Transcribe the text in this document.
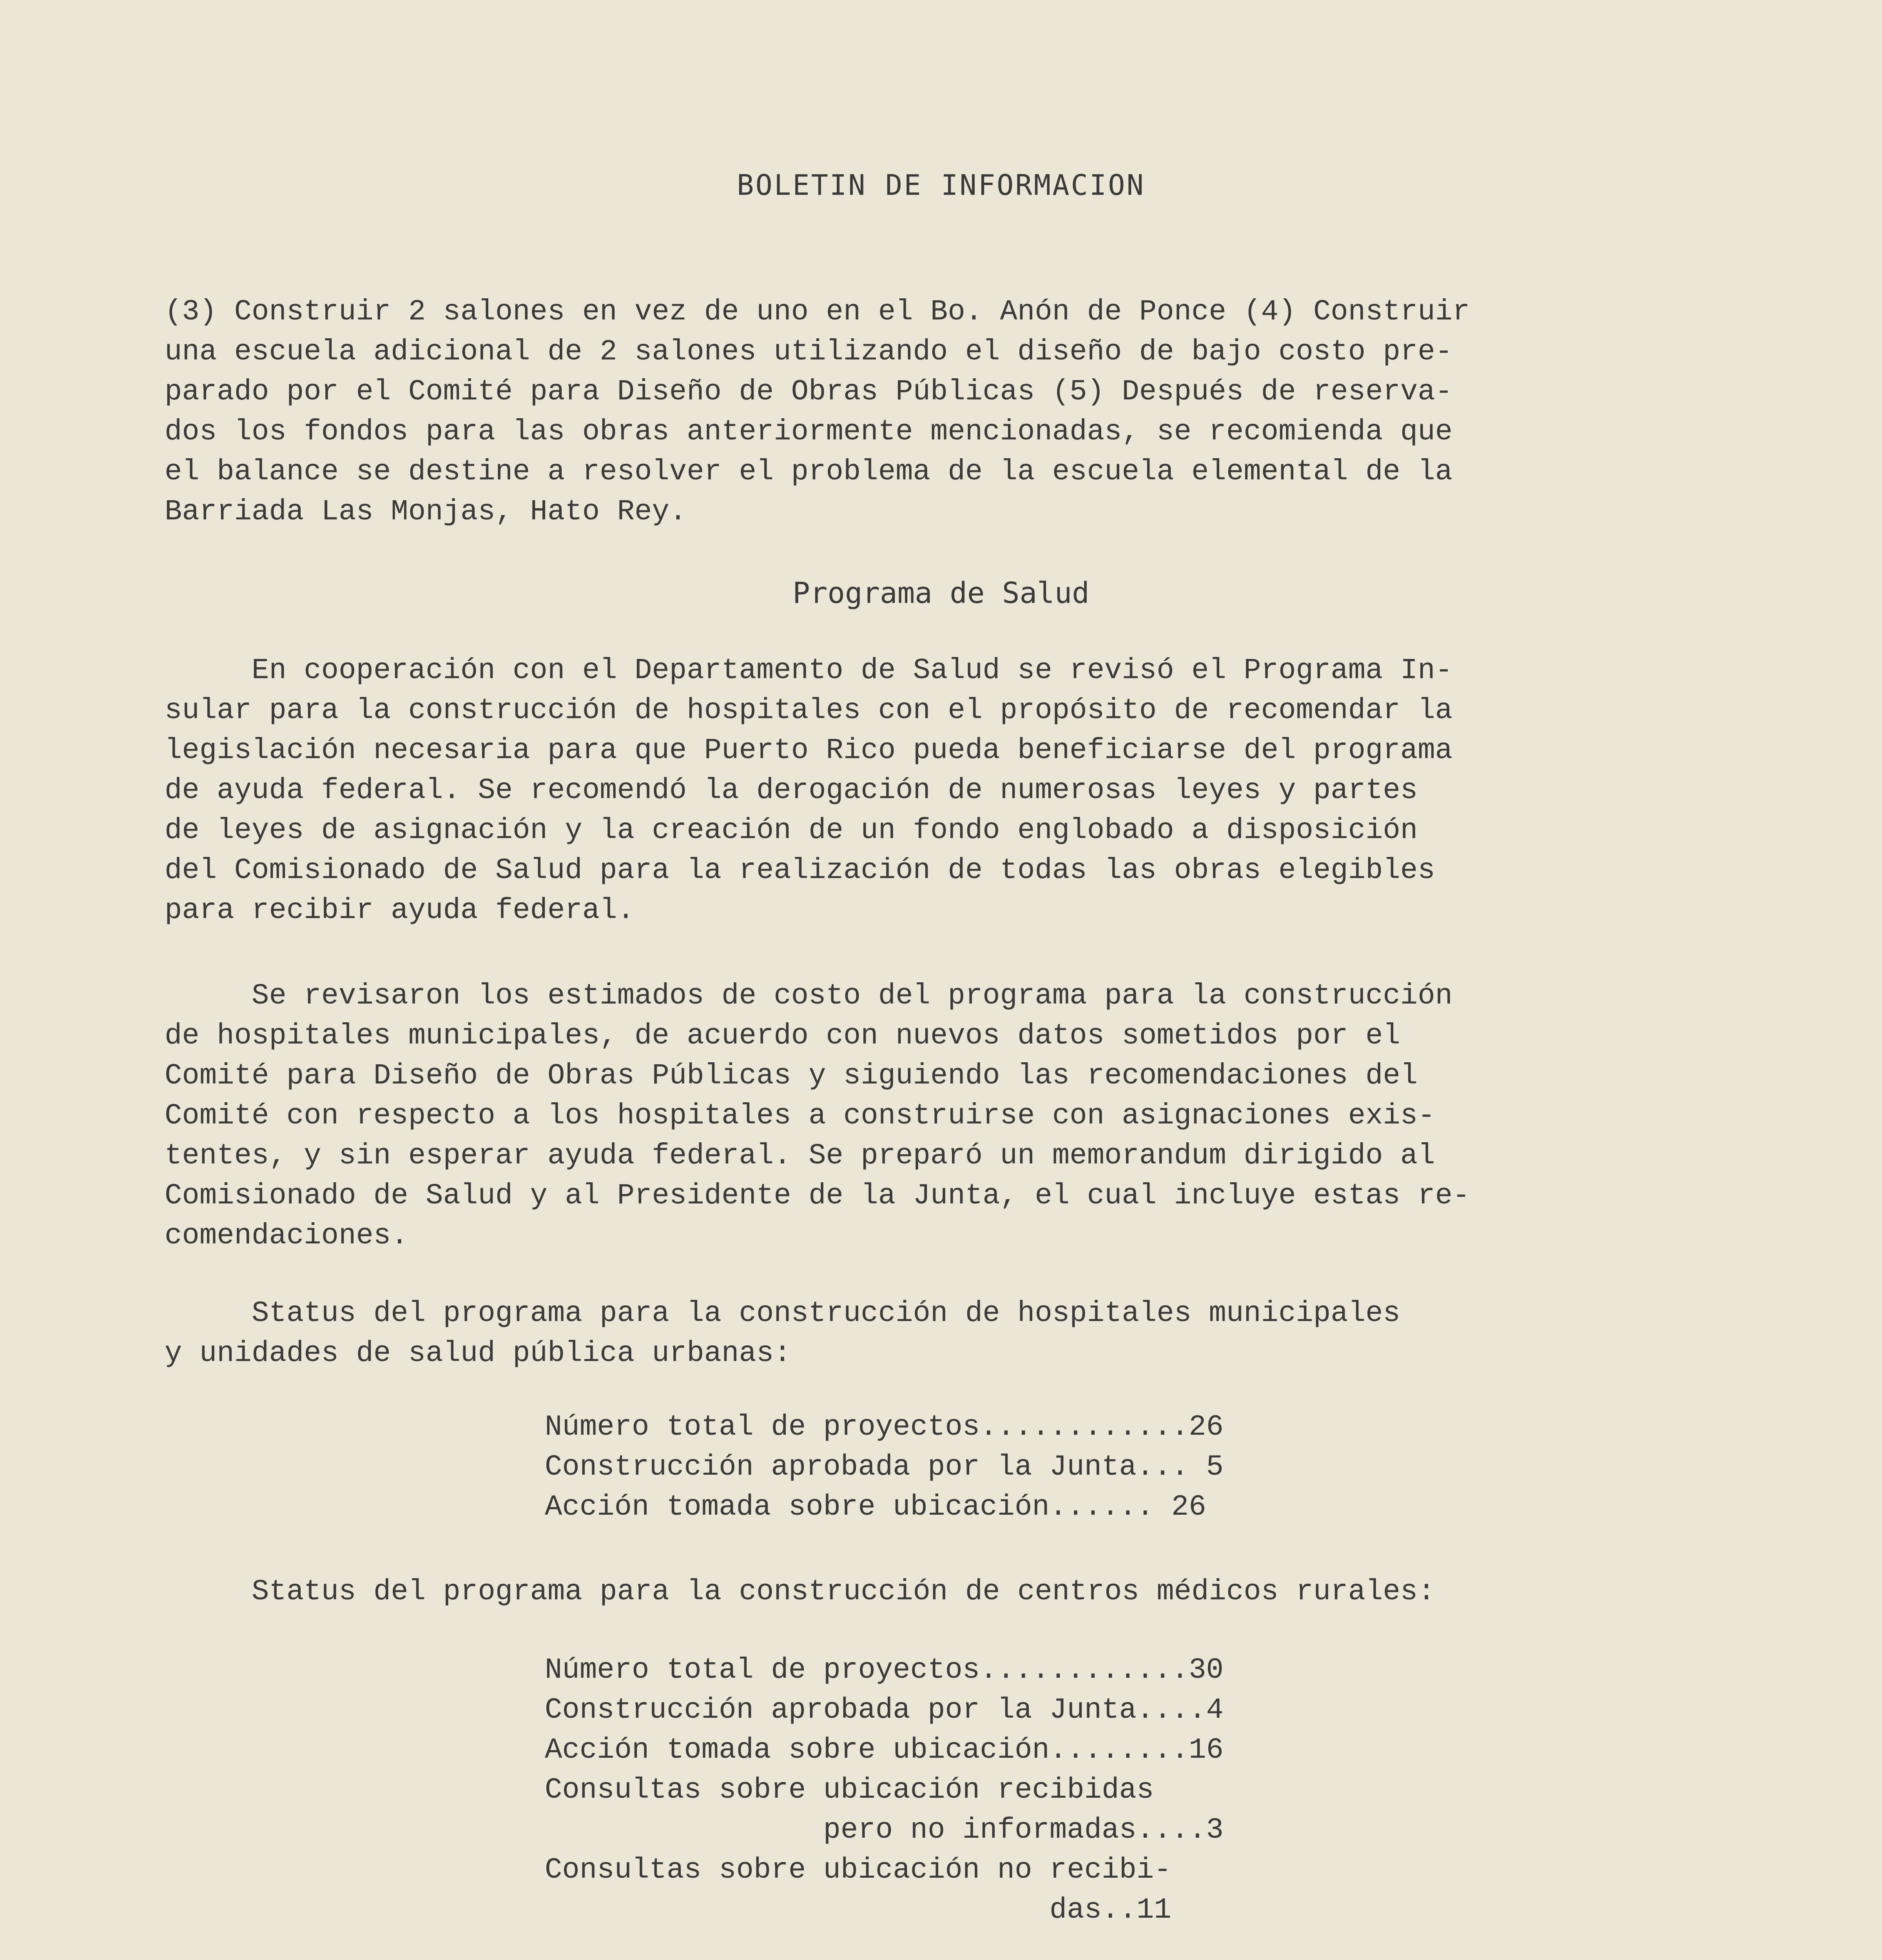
BOLETIN DE INFORMACION
(3) Construir 2 salones en vez de uno en el Bo. Anón de Ponce (4) Construir
una escuela adicional de 2 salones utilizando el diseño de bajo costo pre-
parado por el Comité para Diseño de Obras Públicas (5) Después de reserva-
dos los fondos para las obras anteriormente mencionadas, se recomienda que
el balance se destine a resolver el problema de la escuela elemental de la
Barriada Las Monjas, Hato Rey.
Programa de Salud
En cooperación con el Departamento de Salud se revisó el Programa In-
sular para la construcción de hospitales con el propósito de recomendar la
legislación necesaria para que Puerto Rico pueda beneficiarse del programa
de ayuda federal. Se recomendó la derogación de numerosas leyes y partes
de leyes de asignación y la creación de un fondo englobado a disposición
del Comisionado de Salud para la realización de todas las obras elegibles
para recibir ayuda federal.
Se revisaron los estimados de costo del programa para la construcción
de hospitales municipales, de acuerdo con nuevos datos sometidos por el
Comité para Diseño de Obras Públicas y siguiendo las recomendaciones del
Comité con respecto a los hospitales a construirse con asignaciones exis-
tentes, y sin esperar ayuda federal. Se preparó un memorandum dirigido al
Comisionado de Salud y al Presidente de la Junta, el cual incluye estas re-
comendaciones.
Status del programa para la construcción de hospitales municipales
y unidades de salud pública urbanas:
Número total de proyectos............26
Construcción aprobada por la Junta... 5
Acción tomada sobre ubicación...... 26
Status del programa para la construcción de centros médicos rurales:
Número total de proyectos............30
Construcción aprobada por la Junta....4
Acción tomada sobre ubicación........16
Consultas sobre ubicación recibidas
pero no informadas....3
Consultas sobre ubicación no recibi-
das..11
